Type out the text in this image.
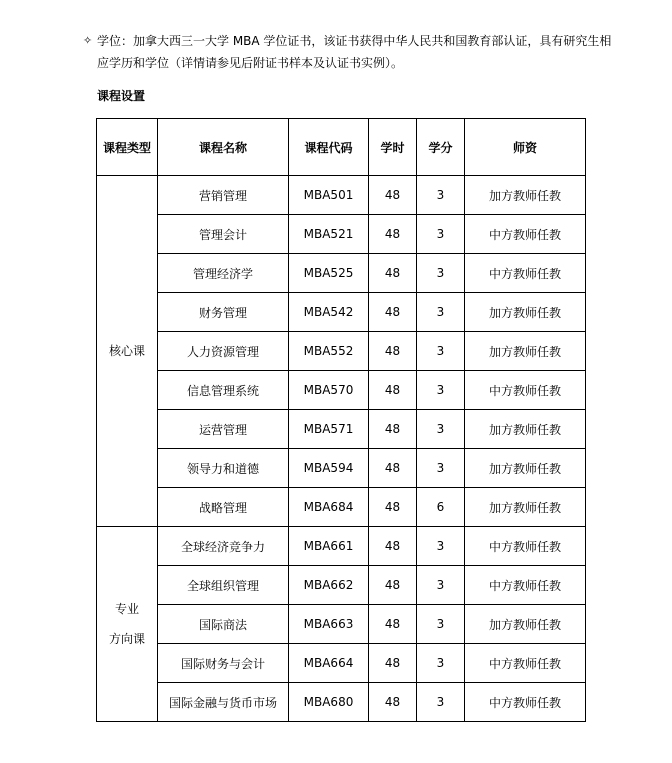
✧ 学位：加拿大西三一大学 MBA 学位证书，该证书获得中华人民共和国教育部认证，具有研究生相

应学历和学位（详情请参见后附证书样本及认证书实例）。

课程设置
课程类型	课程名称	课程代码	学时	学分	师资

核心课	营销管理	MBA501	48	3	加方教师任教
	管理会计	MBA521	48	3	中方教师任教
	管理经济学	MBA525	48	3	中方教师任教
	财务管理	MBA542	48	3	加方教师任教
	人力资源管理	MBA552	48	3	加方教师任教
	信息管理系统	MBA570	48	3	中方教师任教
	运营管理	MBA571	48	3	加方教师任教
	领导力和道德	MBA594	48	3	加方教师任教
	战略管理	MBA684	48	6	加方教师任教

专业
方向课	全球经济竞争力	MBA661	48	3	中方教师任教
	全球组织管理	MBA662	48	3	中方教师任教
	国际商法	MBA663	48	3	加方教师任教
	国际财务与会计	MBA664	48	3	中方教师任教
	国际金融与货币市场	MBA680	48	3	中方教师任教
